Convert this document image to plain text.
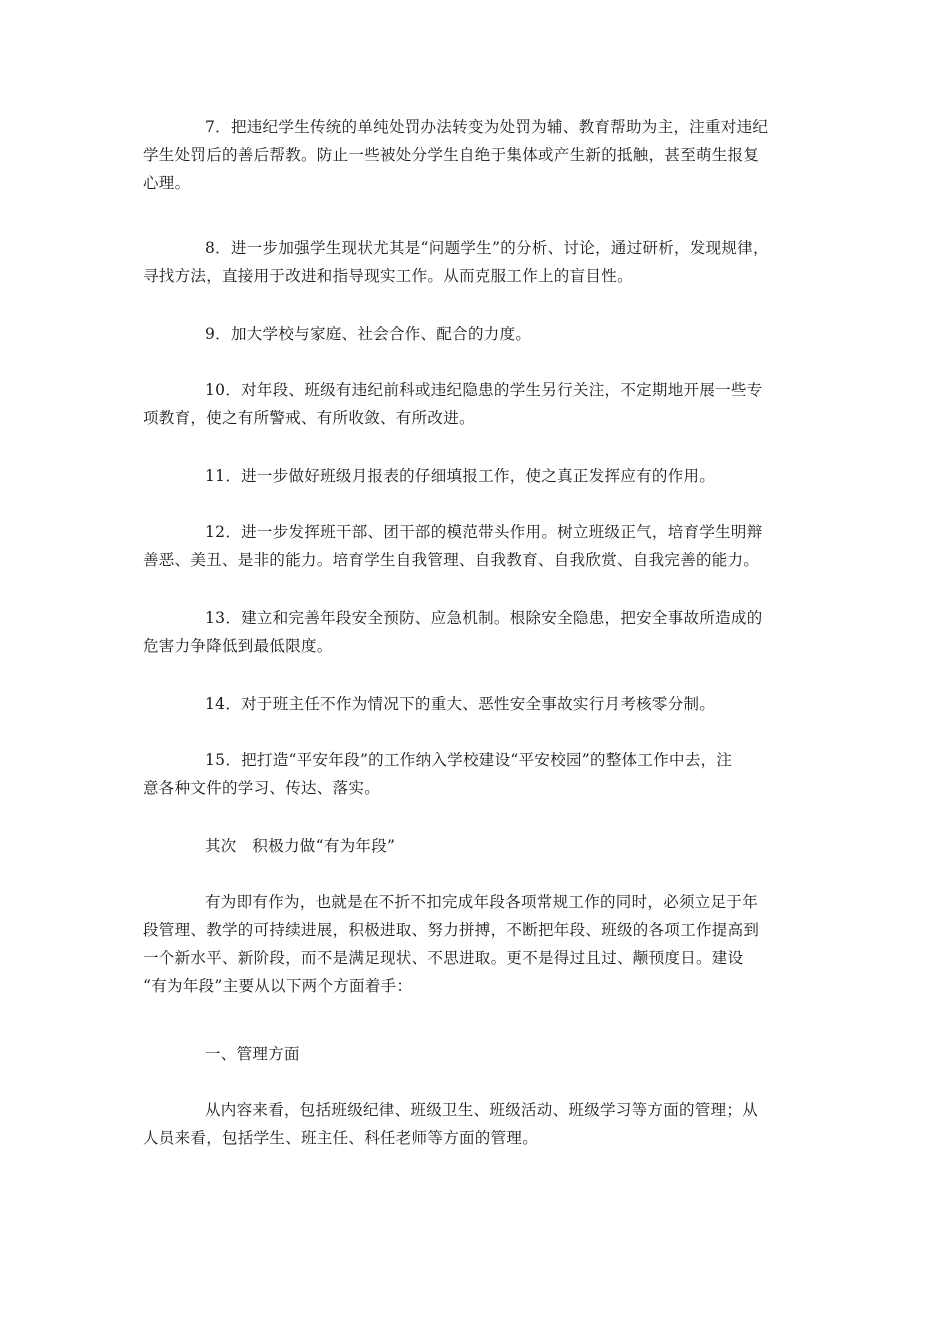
7．把违纪学生传统的单纯处罚办法转变为处罚为辅、教育帮助为主，注重对违纪
学生处罚后的善后帮教。防止一些被处分学生自绝于集体或产生新的抵触，甚至萌生报复
心理。
8．进一步加强学生现状尤其是“问题学生”的分析、讨论，通过研析，发现规律，
寻找方法，直接用于改进和指导现实工作。从而克服工作上的盲目性。
9．加大学校与家庭、社会合作、配合的力度。
10．对年段、班级有违纪前科或违纪隐患的学生另行关注，不定期地开展一些专
项教育，使之有所警戒、有所收敛、有所改进。
11．进一步做好班级月报表的仔细填报工作，使之真正发挥应有的作用。
12．进一步发挥班干部、团干部的模范带头作用。树立班级正气，培育学生明辩
善恶、美丑、是非的能力。培育学生自我管理、自我教育、自我欣赏、自我完善的能力。
13．建立和完善年段安全预防、应急机制。根除安全隐患，把安全事故所造成的
危害力争降低到最低限度。
14．对于班主任不作为情况下的重大、恶性安全事故实行月考核零分制。
15．把打造“平安年段”的工作纳入学校建设“平安校园”的整体工作中去，注
意各种文件的学习、传达、落实。
其次　积极力做“有为年段”
有为即有作为，也就是在不折不扣完成年段各项常规工作的同时，必须立足于年
段管理、教学的可持续进展，积极进取、努力拼搏，不断把年段、班级的各项工作提高到
一个新水平、新阶段，而不是满足现状、不思进取。更不是得过且过、颟顸度日。建设
“有为年段”主要从以下两个方面着手：
一、管理方面
从内容来看，包括班级纪律、班级卫生、班级活动、班级学习等方面的管理；从
人员来看，包括学生、班主任、科任老师等方面的管理。
